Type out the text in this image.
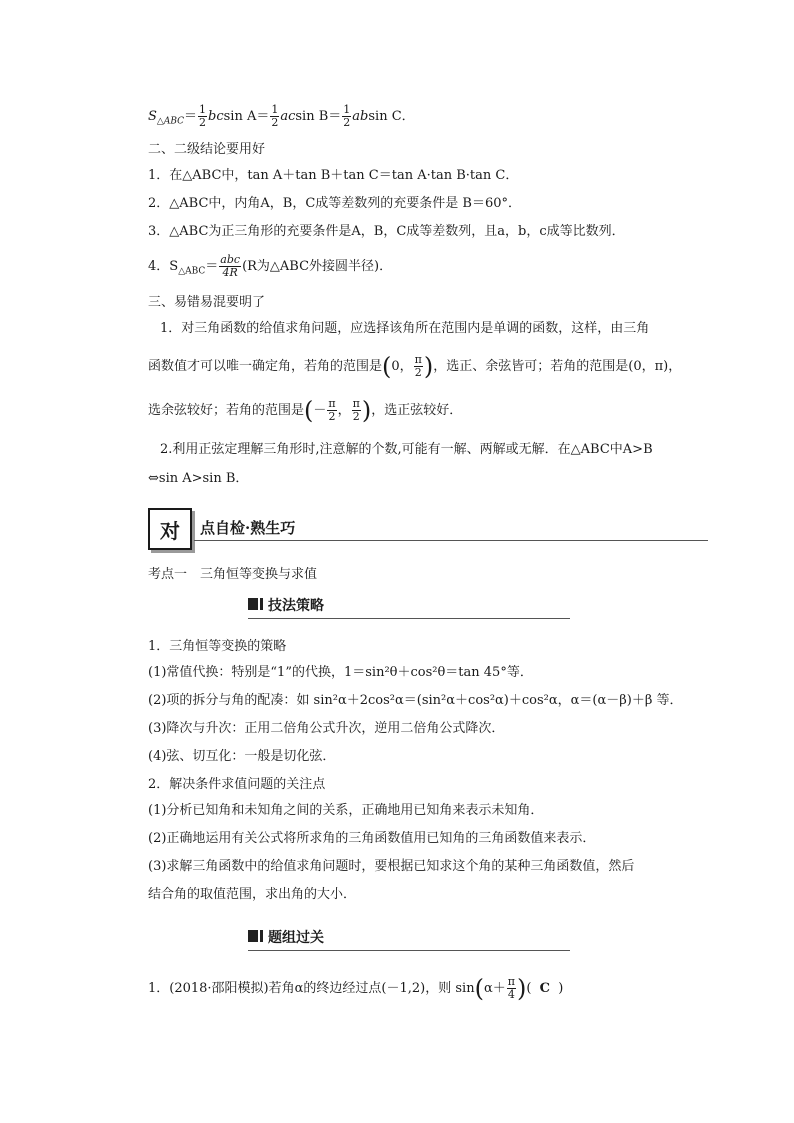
$S_{\triangle ABC}= \frac{1}{2}$ bcsin $A= \frac{1}{2}$ acsin $B= \frac{1}{2}$ absin C．
二、二级结论要用好
1．在△ABC中，tan A＋tan B＋tan C＝tan A·tan B·tan C．
2．△ABC中，内角A，B，C成等差数列的充要条件是 B＝60°．
3．△ABC为正三角形的充要条件是A，B，C成等差数列，且a，b，c成等比数列．
4．$S_{\triangle ABC}= \frac{\text{abc}}{4R} (R$为△ABC外接圆半径)．
三、易错易混要明了
1．对三角函数的给值求角问题，应选择该角所在范围内是单调的函数，这样，由三角
函数值才可以唯一确定角，若角的范围是(0， $\frac{\pi}{2}$ )，选正、余弦皆可；若角的范围是(0，π)，
选余弦较好；若角的范围是(－ $\frac{\pi}{2}$ ， $\frac{\pi}{2}$ )，选正弦较好．
2.利用正弦定理解三角形时,注意解的个数,可能有一解、两解或无解．在△ABC中A>B
⇔sin A>sin B．
对	点自检·熟生巧
考点一　三角恒等变换与求值
技法策略
1．三角恒等变换的策略
(1)常值代换：特别是“1”的代换，1＝sin²θ＋cos²θ＝tan 45°等．
(2)项的拆分与角的配凑：如 sin²α＋2cos²α＝(sin²α＋cos²α)＋cos²α，α＝(α－β)＋β 等．
(3)降次与升次：正用二倍角公式升次，逆用二倍角公式降次．
(4)弦、切互化：一般是切化弦．
2．解决条件求值问题的关注点
(1)分析已知角和未知角之间的关系，正确地用已知角来表示未知角．
(2)正确地运用有关公式将所求角的三角函数值用已知角的三角函数值来表示．
(3)求解三角函数中的给值求角问题时，要根据已知求这个角的某种三角函数值，然后
结合角的取值范围，求出角的大小．
题组过关
1．(2018·邵阳模拟)若角α的终边经过点(－1,2)，则 $\sin(\alpha+ \frac{\pi}{4}$ )( C )
